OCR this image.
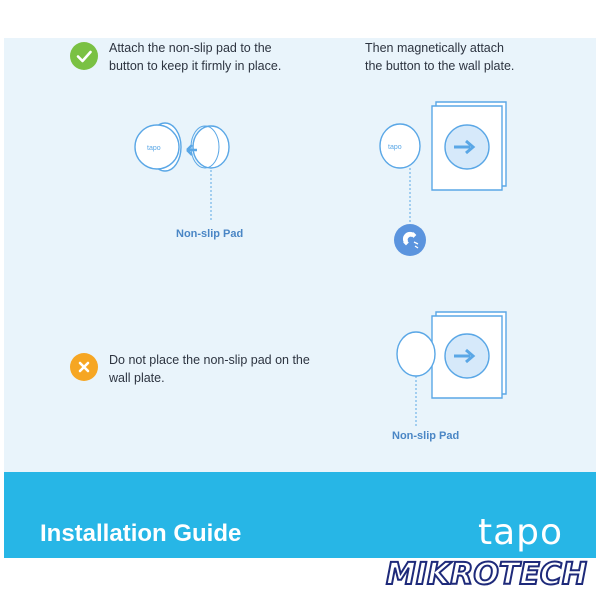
Attach the non-slip pad to the
button to keep it firmly in place.
Then magnetically attach
the button to the wall plate.
tapo
Non-slip Pad
tapo
Do not place the non-slip pad on the
wall plate.
Non-slip Pad
Installation Guide	tapo
MIKROTECH
